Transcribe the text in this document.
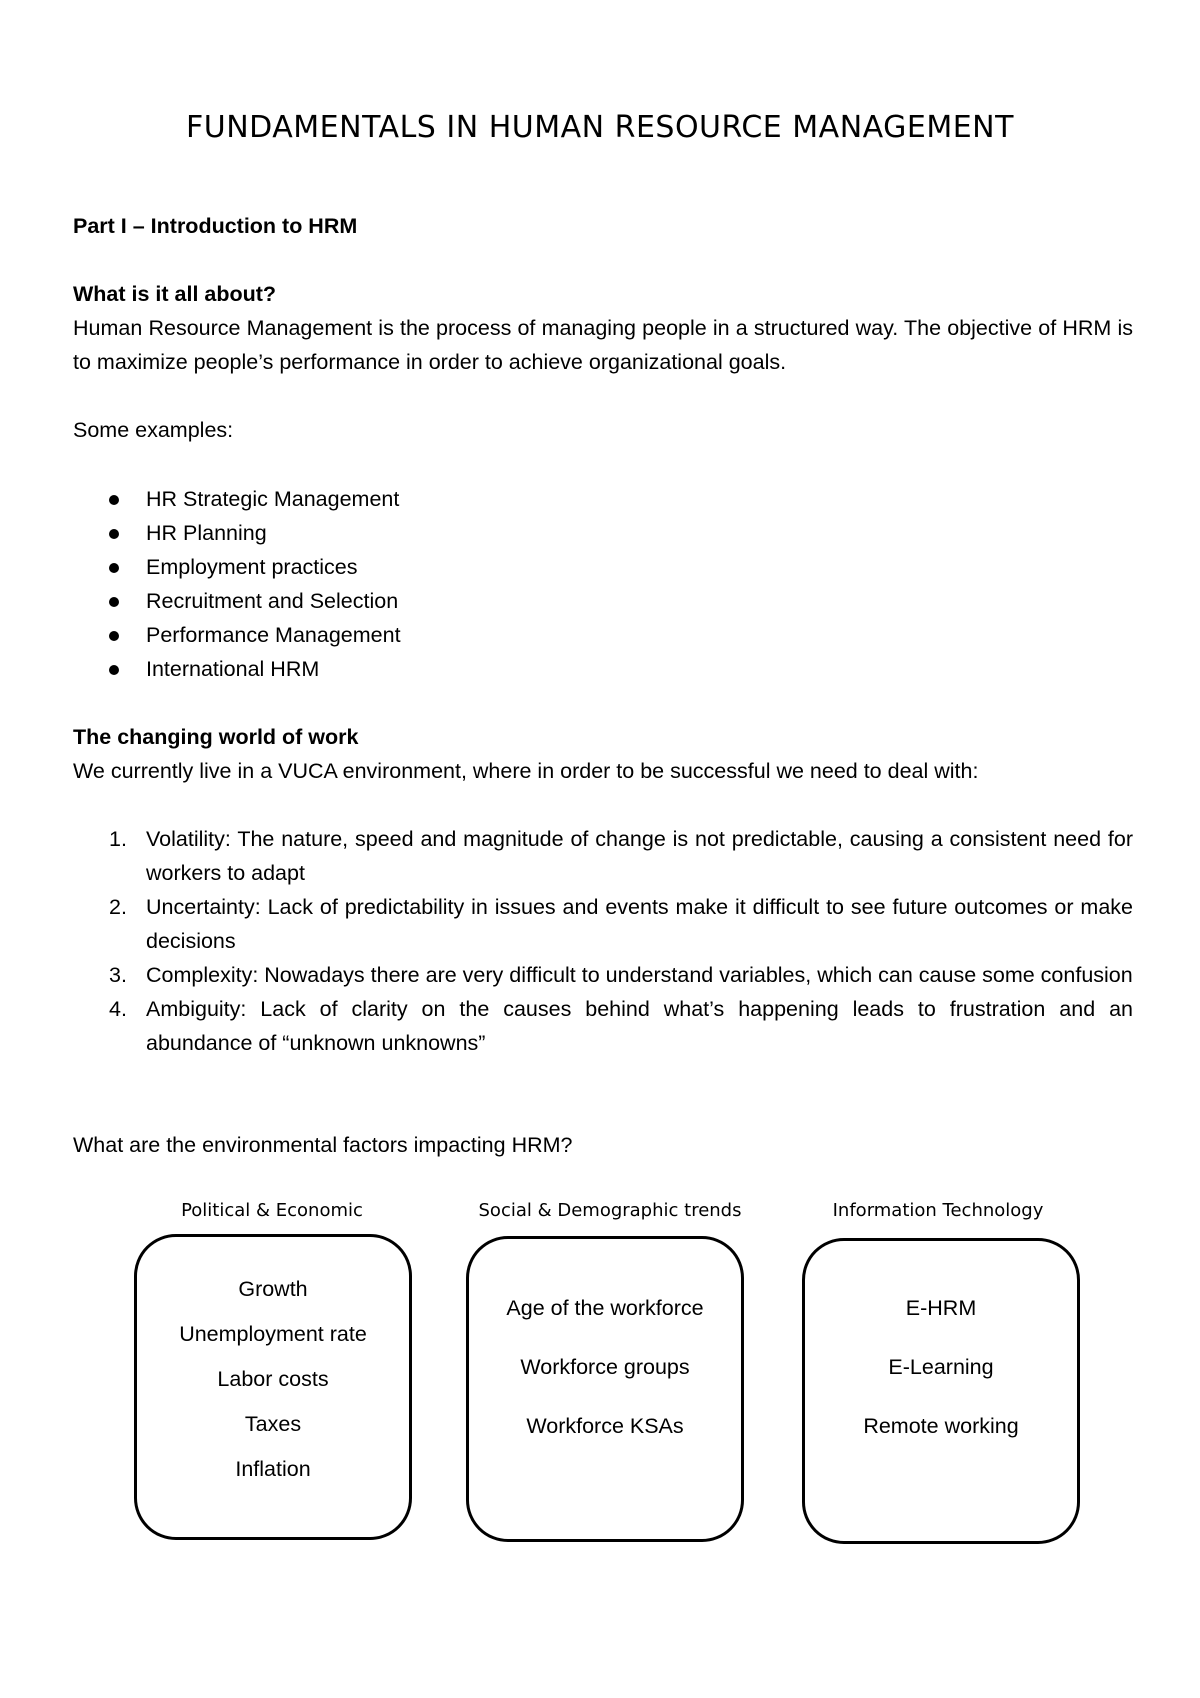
FUNDAMENTALS IN HUMAN RESOURCE MANAGEMENT
Part I – Introduction to HRM
What is it all about?
Human Resource Management is the process of managing people in a structured way. The objective of HRM is to maximize people’s performance in order to achieve organizational goals.
Some examples:
HR Strategic Management
HR Planning
Employment practices
Recruitment and Selection
Performance Management
International HRM
The changing world of work
We currently live in a VUCA environment, where in order to be successful we need to deal with:
1. Volatility: The nature, speed and magnitude of change is not predictable, causing a consistent need for workers to adapt
2. Uncertainty: Lack of predictability in issues and events make it difficult to see future outcomes or make decisions
3. Complexity: Nowadays there are very difficult to understand variables, which can cause some confusion
4. Ambiguity: Lack of clarity on the causes behind what’s happening leads to frustration and an abundance of “unknown unknowns”
What are the environmental factors impacting HRM?
Political & Economic
Growth
Unemployment rate
Labor costs
Taxes
Inflation
Social & Demographic trends
Age of the workforce
Workforce groups
Workforce KSAs
Information Technology
E-HRM
E-Learning
Remote working
